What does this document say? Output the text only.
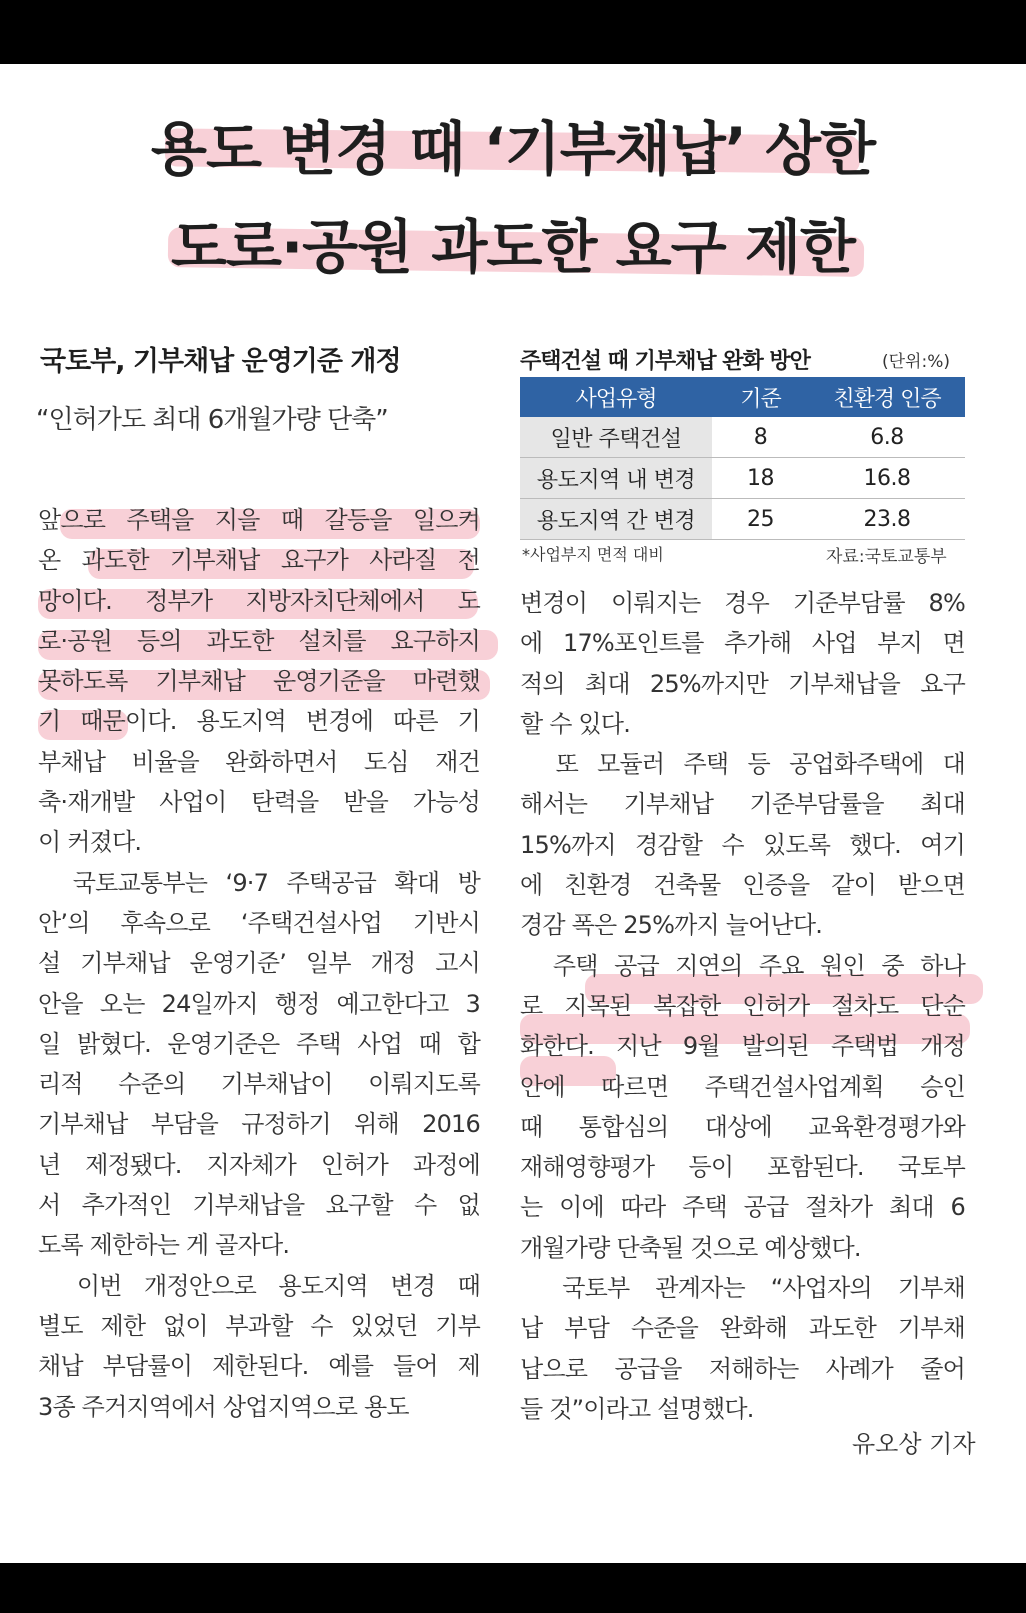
용도 변경 때 ‘기부채납’ 상한
도로·공원 과도한 요구 제한
국토부, 기부채납 운영기준 개정
“인허가도 최대 6개월가량 단축”
주택건설 때 기부채납 완화 방안	(단위:%)
사업유형	기준	친환경 인증
일반 주택건설	8	6.8
용도지역 내 변경	18	16.8
용도지역 간 변경	25	23.8
*사업부지 면적 대비	자료:국토교통부

앞으로 주택을 지을 때 갈등을 일으켜

온 과도한 기부채납 요구가 사라질 전

망이다. 정부가 지방자치단체에서 도

로·공원 등의 과도한 설치를 요구하지

못하도록 기부채납 운영기준을 마련했

기 때문이다. 용도지역 변경에 따른 기

부채납 비율을 완화하면서 도심 재건

축·재개발 사업이 탄력을 받을 가능성

이 커졌다.

　국토교통부는 ‘9·7 주택공급 확대 방

안’의 후속으로 ‘주택건설사업 기반시

설 기부채납 운영기준’ 일부 개정 고시

안을 오는 24일까지 행정 예고한다고 3

일 밝혔다. 운영기준은 주택 사업 때 합

리적 수준의 기부채납이 이뤄지도록

기부채납 부담을 규정하기 위해 2016

년 제정됐다. 지자체가 인허가 과정에

서 추가적인 기부채납을 요구할 수 없

도록 제한하는 게 골자다.

　이번 개정안으로 용도지역 변경 때

별도 제한 없이 부과할 수 있었던 기부

채납 부담률이 제한된다. 예를 들어 제

3종 주거지역에서 상업지역으로 용도

변경이 이뤄지는 경우 기준부담률 8%

에 17%포인트를 추가해 사업 부지 면

적의 최대 25%까지만 기부채납을 요구

할 수 있다.

　또 모듈러 주택 등 공업화주택에 대

해서는 기부채납 기준부담률을 최대

15%까지 경감할 수 있도록 했다. 여기

에 친환경 건축물 인증을 같이 받으면

경감 폭은 25%까지 늘어난다.

　주택 공급 지연의 주요 원인 중 하나

로 지목된 복잡한 인허가 절차도 단순

화한다. 지난 9월 발의된 주택법 개정

안에 따르면 주택건설사업계획 승인

때 통합심의 대상에 교육환경평가와

재해영향평가 등이 포함된다. 국토부

는 이에 따라 주택 공급 절차가 최대 6

개월가량 단축될 것으로 예상했다.

　국토부 관계자는 “사업자의 기부채

납 부담 수준을 완화해 과도한 기부채

납으로 공급을 저해하는 사례가 줄어

들 것”이라고 설명했다.

유오상 기자
